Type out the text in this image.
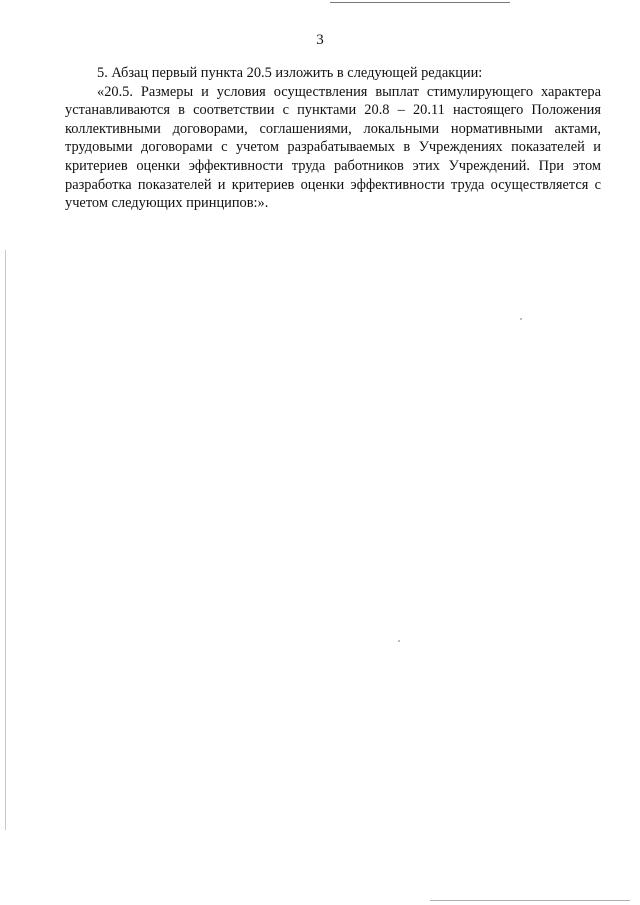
3

5. Абзац первый пункта 20.5 изложить в следующей редакции:

«20.5. Размеры и условия осуществления выплат стимулирующего характера устанавливаются в соответствии с пунктами 20.8 – 20.11 настоящего Положения коллективными договорами, соглашениями, локальными нормативными актами, трудовыми договорами с учетом разрабатываемых в Учреждениях показателей и критериев оценки эффективности труда работников этих Учреждений. При этом разработка показателей и критериев оценки эффективности труда осуществляется с учетом следующих принципов:».
